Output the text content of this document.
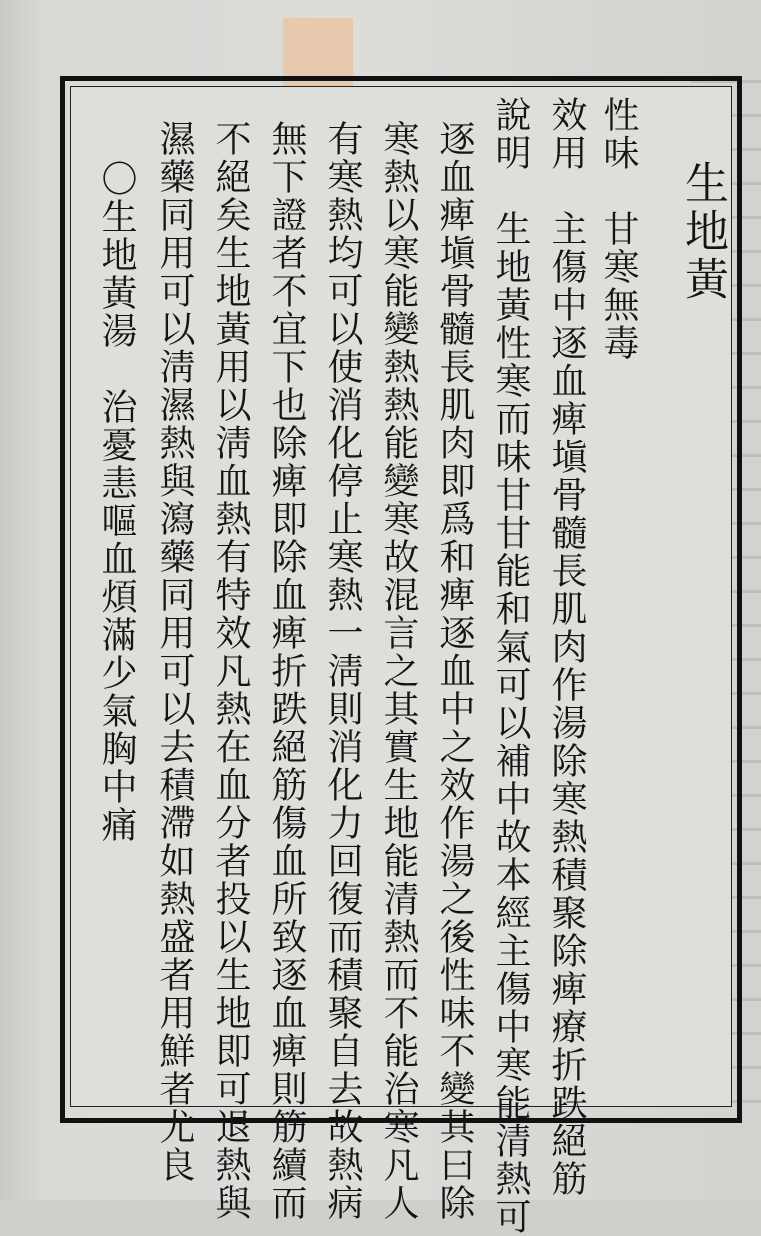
生地黃

性味　甘寒無毒

效用　主傷中逐血痺塡骨髓長肌肉作湯除寒熱積聚除痺療折跌絕筋

說明　生地黃性寒而味甘甘能和氣可以補中故本經主傷中寒能清熱可

逐血痺塡骨髓長肌肉即爲和痺逐血中之效作湯之後性味不變其曰除

寒熱以寒能變熱熱能變寒故混言之其實生地能清熱而不能治寒凡人

有寒熱均可以使消化停止寒熱一淸則消化力回復而積聚自去故熱病

無下證者不宜下也除痺即除血痺折跌絕筋傷血所致逐血痺則筋續而

不絕矣生地黃用以淸血熱有特效凡熱在血分者投以生地即可退熱與

濕藥同用可以淸濕熱與瀉藥同用可以去積滯如熱盛者用鮮者尤良

〇生地黃湯　治憂恚嘔血煩滿少氣胸中痛
